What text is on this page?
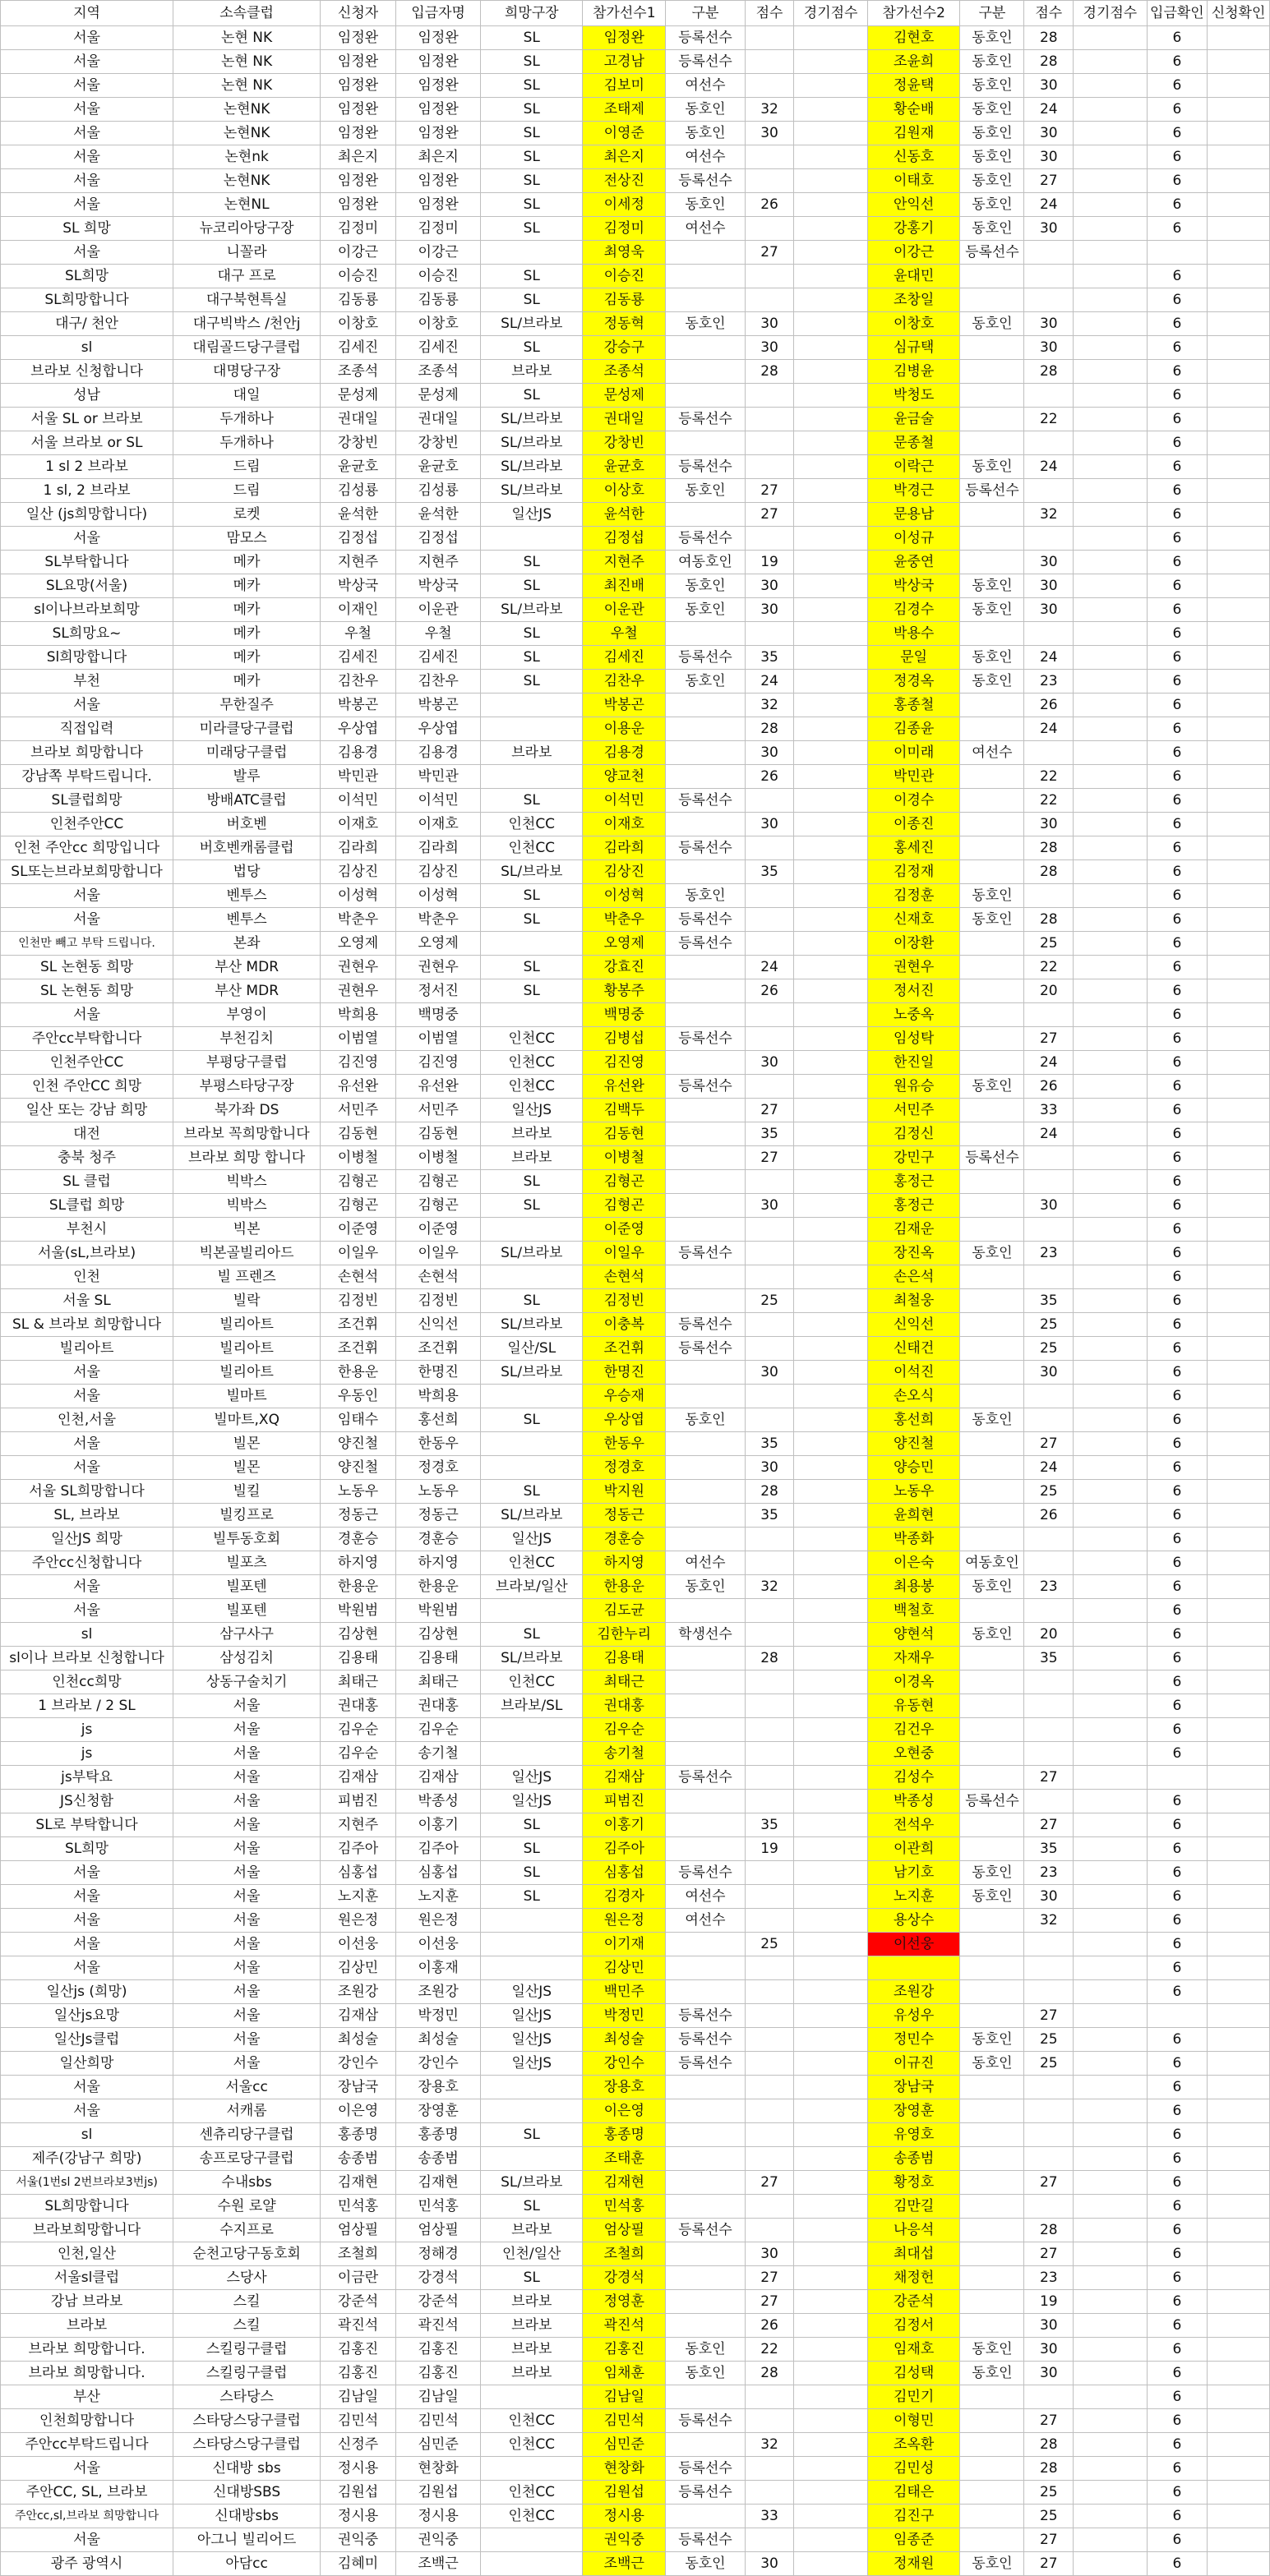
지역	소속클럽	신청자	입금자명	희망구장	참가선수1	구분	점수	경기점수	참가선수2	구분	점수	경기점수	입금확인	신청확인
서울	논현 NK	임정완	임정완	SL	임정완	등록선수			김현호	동호인	28		6	
서울	논현 NK	임정완	임정완	SL	고경남	등록선수			조윤희	동호인	28		6	
서울	논현 NK	임정완	임정완	SL	김보미	여선수			정윤택	동호인	30		6	
서울	논현NK	임정완	임정완	SL	조태제	동호인	32		황순배	동호인	24		6	
서울	논현NK	임정완	임정완	SL	이영준	동호인	30		김원재	동호인	30		6	
서울	논현nk	최은지	최은지	SL	최은지	여선수			신동호	동호인	30		6	
서울	논현NK	임정완	임정완	SL	전상진	등록선수			이태호	동호인	27		6	
서울	논현NL	임정완	임정완	SL	이세정	동호인	26		안익선	동호인	24		6	
SL 희망	뉴코리아당구장	김정미	김정미	SL	김정미	여선수			강홍기	동호인	30		6	
서울	니꼴라	이강근	이강근		최영욱		27		이강근	등록선수				
SL희망	대구 프로	이승진	이승진	SL	이승진				윤대민				6	
SL희망합니다	대구북현특실	김동룡	김동룡	SL	김동룡				조창일				6	
대구/ 천안	대구빅박스 /천안j	이창호	이창호	SL/브라보	정동혁	동호인	30		이창호	동호인	30		6	
sl	대림골드당구클럽	김세진	김세진	SL	강승구		30		심규택		30		6	
브라보 신청합니다	대명당구장	조종석	조종석	브라보	조종석		28		김병윤		28		6	
성남	대일	문성제	문성제	SL	문성제				박청도				6	
서울 SL or 브라보	두개하나	권대일	권대일	SL/브라보	권대일	등록선수			윤금술		22		6	
서울 브라보 or SL	두개하나	강창빈	강창빈	SL/브라보	강창빈				문종철				6	
1 sl 2 브라보	드림	윤균호	윤균호	SL/브라보	윤균호	등록선수			이락근	동호인	24		6	
1 sl, 2 브라보	드림	김성룡	김성룡	SL/브라보	이상호	동호인	27		박경근	등록선수			6	
일산 (js희망합니다)	로켓	윤석한	윤석한	일산JS	윤석한		27		문용남		32		6	
서울	맘모스	김정섭	김정섭		김정섭	등록선수			이성규				6	
SL부탁합니다	메카	지현주	지현주	SL	지현주	여동호인	19		윤중연		30		6	
SL요망(서울)	메카	박상국	박상국	SL	최진배	동호인	30		박상국	동호인	30		6	
sl이나브라보희망	메카	이재인	이운관	SL/브라보	이운관	동호인	30		김경수	동호인	30		6	
SL희망요~	메카	우철	우철	SL	우철				박용수				6	
Sl희망합니다	메카	김세진	김세진	SL	김세진	등록선수	35		문일	동호인	24		6	
부천	메카	김찬우	김찬우	SL	김찬우	동호인	24		정경옥	동호인	23		6	
서울	무한질주	박봉곤	박봉곤		박봉곤		32		홍종철		26		6	
직접입력	미라클당구클럽	우상엽	우상엽		이용운		28		김종윤		24		6	
브라보 희망합니다	미래당구클럽	김용경	김용경	브라보	김용경		30		이미래	여선수			6	
강남쪽 부탁드립니다.	발루	박민관	박민관		양교천		26		박민관		22		6	
SL클럽희망	방배ATC클럽	이석민	이석민	SL	이석민	등록선수			이경수		22		6	
인천주안CC	버호벤	이재호	이재호	인천CC	이재호		30		이종진		30		6	
인천 주안cc 희망입니다	버호벤캐롬클럽	김라희	김라희	인천CC	김라희	등록선수			홍세진		28		6	
SL또는브라보희망합니다	법당	김상진	김상진	SL/브라보	김상진		35		김정재		28		6	
서울	벤투스	이성혁	이성혁	SL	이성혁	동호인			김정훈	동호인			6	
서울	벤투스	박춘우	박춘우	SL	박춘우	등록선수			신재호	동호인	28		6	
인천만 빼고 부탁 드립니다.	본좌	오영제	오영제		오영제	등록선수			이장환		25		6	
SL 논현동 희망	부산 MDR	권현우	권현우	SL	강효진		24		권현우		22		6	
SL 논현동 희망	부산 MDR	권현우	정서진	SL	황봉주		26		정서진		20		6	
서울	부영이	박희용	백명중		백명중				노중옥				6	
주안cc부탁합니다	부천김치	이범열	이범열	인천CC	김병섭	등록선수			임성탁		27		6	
인천주안CC	부평당구클럽	김진영	김진영	인천CC	김진영		30		한진일		24		6	
인천 주안CC 희망	부평스타당구장	유선완	유선완	인천CC	유선완	등록선수			원유승	동호인	26		6	
일산 또는 강남 희망	북가좌 DS	서민주	서민주	일산JS	김백두		27		서민주		33		6	
대전	브라보 꼭희망합니다	김동현	김동현	브라보	김동현		35		김정신		24		6	
충북 청주	브라보 희망 합니다	이병철	이병철	브라보	이병철		27		강민구	등록선수			6	
SL 클럽	빅박스	김형곤	김형곤	SL	김형곤				홍정근				6	
SL클럽 희망	빅박스	김형곤	김형곤	SL	김형곤		30		홍정근		30		6	
부천시	빅본	이준영	이준영		이준영				김재운				6	
서울(sL,브라보)	빅본골빌리아드	이일우	이일우	SL/브라보	이일우	등록선수			장진옥	동호인	23		6	
인천	빌 프렌즈	손현석	손현석		손현석				손은석				6	
서울 SL	빌락	김정빈	김정빈	SL	김정빈		25		최철웅		35		6	
SL & 브라보 희망합니다	빌리아트	조건휘	신익선	SL/브라보	이충복	등록선수			신익선		25		6	
빌리아트	빌리아트	조건휘	조건휘	일산/SL	조건휘	등록선수			신태건		25		6	
서울	빌리아트	한용운	한명진	SL/브라보	한명진		30		이석진		30		6	
서울	빌마트	우동인	박희용		우승재				손오식				6	
인천,서울	빌마트,XQ	임태수	홍선희	SL	우상엽	동호인			홍선희	동호인			6	
서울	빌몬	양진철	한동우		한동우		35		양진철		27		6	
서울	빌몬	양진철	정경호		정경호		30		양승민		24		6	
서울 SL희망합니다	빌킬	노동우	노동우	SL	박지원		28		노동우		25		6	
SL, 브라보	빌킹프로	정동근	정동근	SL/브라보	정동근		35		윤희현		26		6	
일산JS 희망	빌투동호회	경훈승	경훈승	일산JS	경훈승				박종화				6	
주안cc신청합니다	빌포츠	하지영	하지영	인천CC	하지영	여선수			이은숙	여동호인			6	
서울	빌포텐	한용운	한용운	브라보/일산	한용운	동호인	32		최용봉	동호인	23		6	
서울	빌포텐	박원범	박원범		김도균				백철호				6	
sl	삼구사구	김상현	김상현	SL	김한누리	학생선수			양현석	동호인	20		6	
sl이나 브라보 신청합니다	삼성김치	김용태	김용태	SL/브라보	김용태		28		자재우		35		6	
인천cc희망	상동구술치기	최태근	최태근	인천CC	최태근				이경옥				6	
1 브라보 / 2 SL	서울	권대홍	권대홍	브라보/SL	권대홍				유동현				6	
js	서울	김우순	김우순		김우순				김건우				6	
js	서울	김우순	송기철		송기철				오현중				6	
js부탁요	서울	김재삼	김재삼	일산JS	김재삼	등록선수			김성수		27			
JS신청함	서울	피범진	박종성	일산JS	피범진				박종성	등록선수			6	
SL로 부탁합니다	서울	지현주	이홍기	SL	이홍기		35		전석우		27		6	
SL희망	서울	김주아	김주아	SL	김주아		19		이관희		35		6	
서울	서울	심홍섭	심홍섭	SL	심홍섭	등록선수			남기호	동호인	23		6	
서울	서울	노지훈	노지훈	SL	김경자	여선수			노지훈	동호인	30		6	
서울	서울	원은정	원은정		원은정	여선수			용상수		32		6	
서울	서울	이선웅	이선웅		이기재		25		이선웅				6	
서울	서울	김상민	이홍재		김상민								6	
일산js (희망)	서울	조원강	조원강	일산JS	백민주				조원강				6	
일산js요망	서울	김재삼	박정민	일산JS	박정민	등록선수			유성우		27			
일산Js클럽	서울	최성술	최성술	일산JS	최성술	등록선수			정민수	동호인	25		6	
일산희망	서울	강인수	강인수	일산JS	강인수	등록선수			이규진	동호인	25		6	
서울	서울cc	장남국	장용호		장용호				장남국				6	
서울	서캐롬	이은영	장영훈		이은영				장영훈				6	
sl	센츄리당구클럽	홍종명	홍종명	SL	홍종명				유영호				6	
제주(강남구 희망)	송프로당구클럽	송종범	송종범		조태훈				송종범				6	
서울(1번sl 2번브라보3번js)	수내sbs	김재현	김재현	SL/브라보	김재현		27		황정호		27		6	
SL희망합니다	수원 로얄	민석홍	민석홍	SL	민석홍				김만길				6	
브라보희망합니다	수지프로	엄상필	엄상필	브라보	엄상필	등록선수			나응석		28		6	
인천,일산	순천고당구동호회	조철희	정해경	인천/일산	조철희		30		최대섭		27		6	
서울sl클럽	스당사	이금란	강경석	SL	강경석		27		채정헌		23		6	
강남 브라보	스킬	강준석	강준석	브라보	정영훈		27		강준석		19		6	
브라보	스킬	곽진석	곽진석	브라보	곽진석		26		김정서		30		6	
브라보 희망합니다.	스킬링구클럽	김홍진	김홍진	브라보	김홍진	동호인	22		임재호	동호인	30		6	
브라보 희망합니다.	스킬링구클럽	김홍진	김홍진	브라보	임채훈	동호인	28		김성택	동호인	30		6	
부산	스타당스	김남일	김남일		김남일				김민기				6	
인천희망합니다	스타당스당구클럽	김민석	김민석	인천CC	김민석	등록선수			이형민		27		6	
주안cc부탁드립니다	스타당스당구클럽	신정주	심민준	인천CC	심민준		32		조옥환		28		6	
서울	신대방 sbs	정시용	현창화		현창화	등록선수			김민성		28		6	
주안CC, SL, 브라보	신대방SBS	김원섭	김원섭	인천CC	김원섭	등록선수			김태은		25		6	
주안cc,sl,브라보 희망합니다	신대방sbs	정시용	정시용	인천CC	정시용		33		김진구		25		6	
서울	아그니 빌리어드	권익중	권익중		권익중	등록선수			임종준		27		6	
광주 광역시	아담cc	김혜미	조백근		조백근	동호인	30		정재원	동호인	27		6	
